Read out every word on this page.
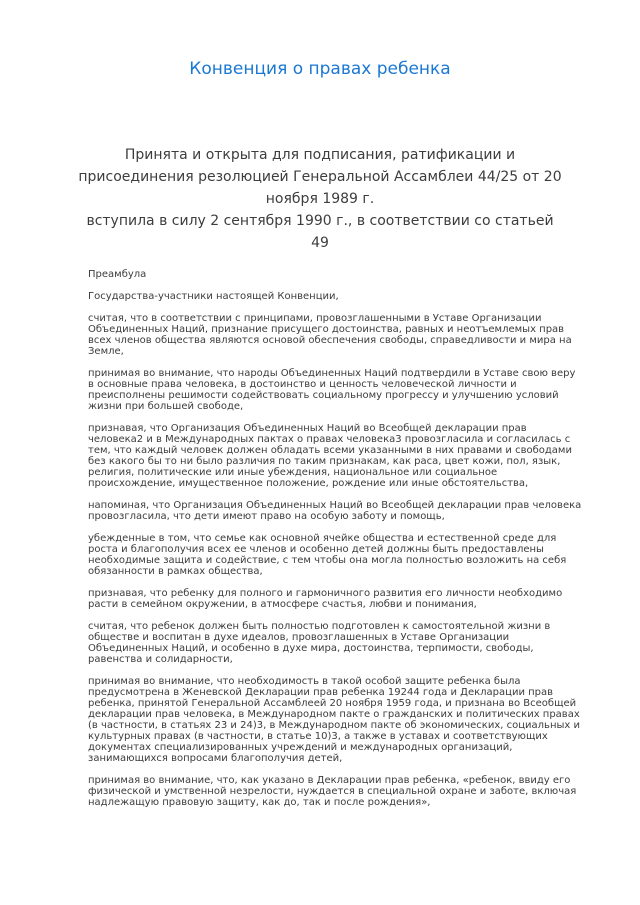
Конвенция о правах ребенка
Принята и открыта для подписания, ратификации и присоединения резолюцией Генеральной Ассамблеи 44/25 от 20 ноября 1989 г.
вступила в силу 2 сентября 1990 г., в соответствии со статьей 49

Преамбула

Государства-участники настоящей Конвенции,

считая, что в соответствии с принципами, провозглашенными в Уставе Организации Объединенных Наций, признание присущего достоинства, равных и неотъемлемых прав всех членов общества являются основой обеспечения свободы, справедливости и мира на Земле,

принимая во внимание, что народы Объединенных Наций подтвердили в Уставе свою веру в основные права человека, в достоинство и ценность человеческой личности и преисполнены решимости содействовать социальному прогрессу и улучшению условий жизни при большей свободе,

признавая, что Организация Объединенных Наций во Всеобщей декларации прав человека2 и в Международных пактах о правах человека3 провозгласила и согласилась с тем, что каждый человек должен обладать всеми указанными в них правами и свободами без какого бы то ни было различия по таким признакам, как раса, цвет кожи, пол, язык, религия, политические или иные убеждения, национальное или социальное происхождение, имущественное положение, рождение или иные обстоятельства,

напоминая, что Организация Объединенных Наций во Всеобщей декларации прав человека провозгласила, что дети имеют право на особую заботу и помощь,

убежденные в том, что семье как основной ячейке общества и естественной среде для роста и благополучия всех ее членов и особенно детей должны быть предоставлены необходимые защита и содействие, с тем чтобы она могла полностью возложить на себя обязанности в рамках общества,

признавая, что ребенку для полного и гармоничного развития его личности необходимо расти в семейном окружении, в атмосфере счастья, любви и понимания,

считая, что ребенок должен быть полностью подготовлен к самостоятельной жизни в обществе и воспитан в духе идеалов, провозглашенных в Уставе Организации Объединенных Наций, и особенно в духе мира, достоинства, терпимости, свободы, равенства и солидарности,

принимая во внимание, что необходимость в такой особой защите ребенка была предусмотрена в Женевской Декларации прав ребенка 19244 года и Декларации прав ребенка, принятой Генеральной Ассамблеей 20 ноября 1959 года, и признана во Всеобщей декларации прав человека, в Международном пакте о гражданских и политических правах (в частности, в статьях 23 и 24)3, в Международном пакте об экономических, социальных и культурных правах (в частности, в статье 10)3, а также в уставах и соответствующих документах специализированных учреждений и международных организаций, занимающихся вопросами благополучия детей,

принимая во внимание, что, как указано в Декларации прав ребенка, «ребенок, ввиду его физической и умственной незрелости, нуждается в специальной охране и заботе, включая надлежащую правовую защиту, как до, так и после рождения»,
